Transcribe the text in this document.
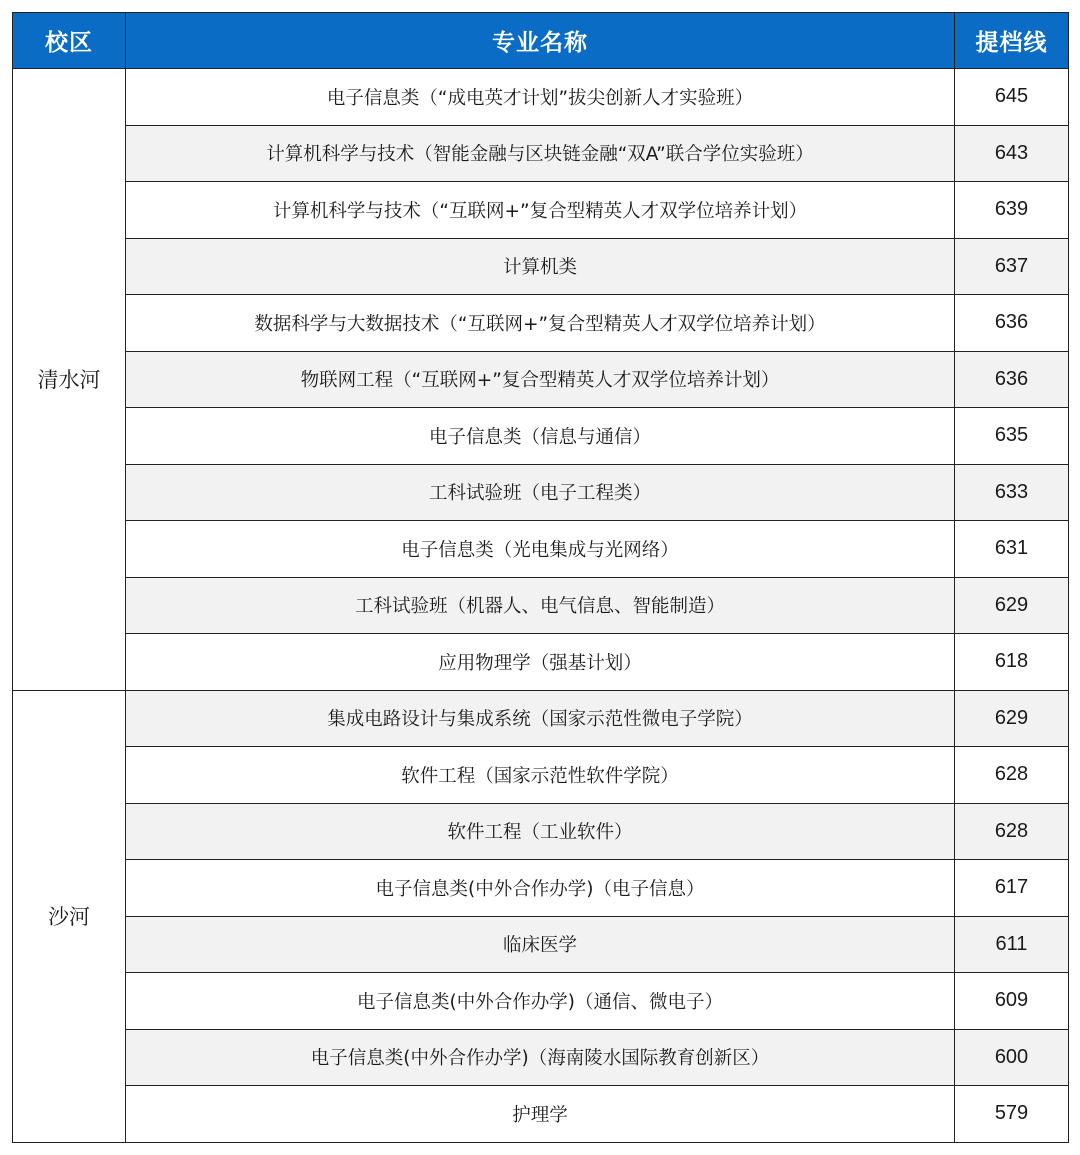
校区	专业名称	提档线
清水河	电子信息类（“成电英才计划”拔尖创新人才实验班）	645
	计算机科学与技术（智能金融与区块链金融“双A”联合学位实验班）	643
	计算机科学与技术（“互联网+”复合型精英人才双学位培养计划）	639
	计算机类	637
	数据科学与大数据技术（“互联网+”复合型精英人才双学位培养计划）	636
	物联网工程（“互联网+”复合型精英人才双学位培养计划）	636
	电子信息类（信息与通信）	635
	工科试验班（电子工程类）	633
	电子信息类（光电集成与光网络）	631
	工科试验班（机器人、电气信息、智能制造）	629
	应用物理学（强基计划）	618
沙河	集成电路设计与集成系统（国家示范性微电子学院）	629
	软件工程（国家示范性软件学院）	628
	软件工程（工业软件）	628
	电子信息类(中外合作办学)（电子信息）	617
	临床医学	611
	电子信息类(中外合作办学)（通信、微电子）	609
	电子信息类(中外合作办学)（海南陵水国际教育创新区）	600
	护理学	579
